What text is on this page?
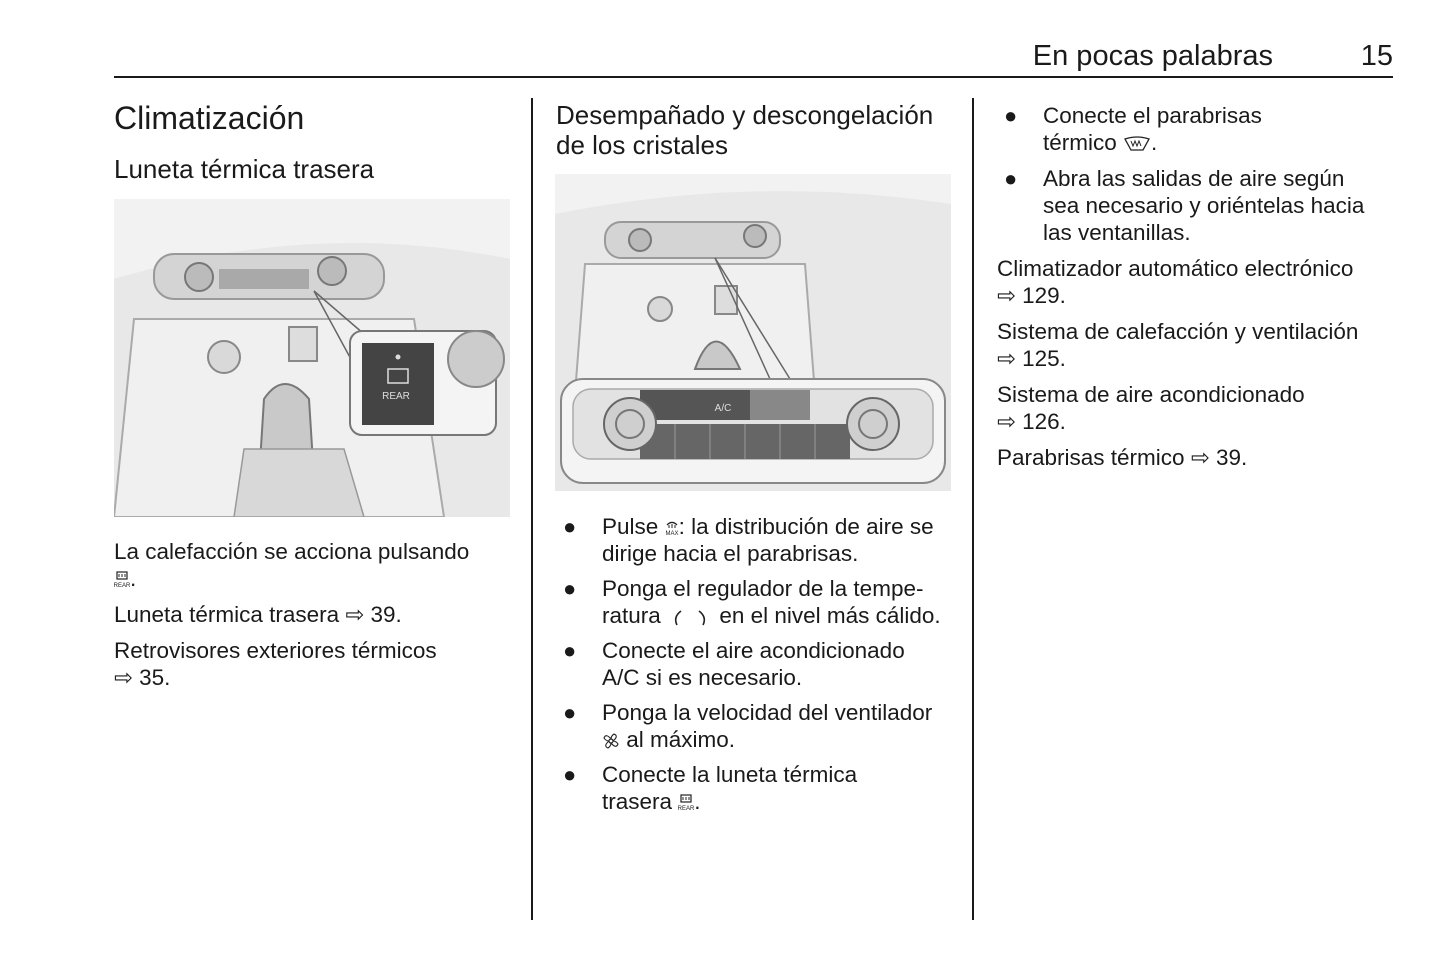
En pocas palabras	15
Climatización
Luneta térmica trasera
REAR

La calefacción se acciona pulsando

REAR .

Luneta térmica trasera ⇨ 39.

Retrovisores exteriores térmicos
⇨ 35.

Desempañado y descongelación
de los cristales
A/C
● Pulse MAX : la distribución de aire se
dirige hacia el parabrisas.
● Ponga el regulador de la tempe-
ratura	en el nivel más cálido.
● Conecte el aire acondicionado
A/C si es necesario.
● Ponga la velocidad del ventilador
al máximo.
● Conecte la luneta térmica
trasera REAR .
● Conecte el parabrisas
térmico .
● Abra las salidas de aire según
sea necesario y oriéntelas hacia
las ventanillas.

Climatizador automático electrónico
⇨ 129.

Sistema de calefacción y ventilación
⇨ 125.

Sistema de aire acondicionado
⇨ 126.

Parabrisas térmico ⇨ 39.
